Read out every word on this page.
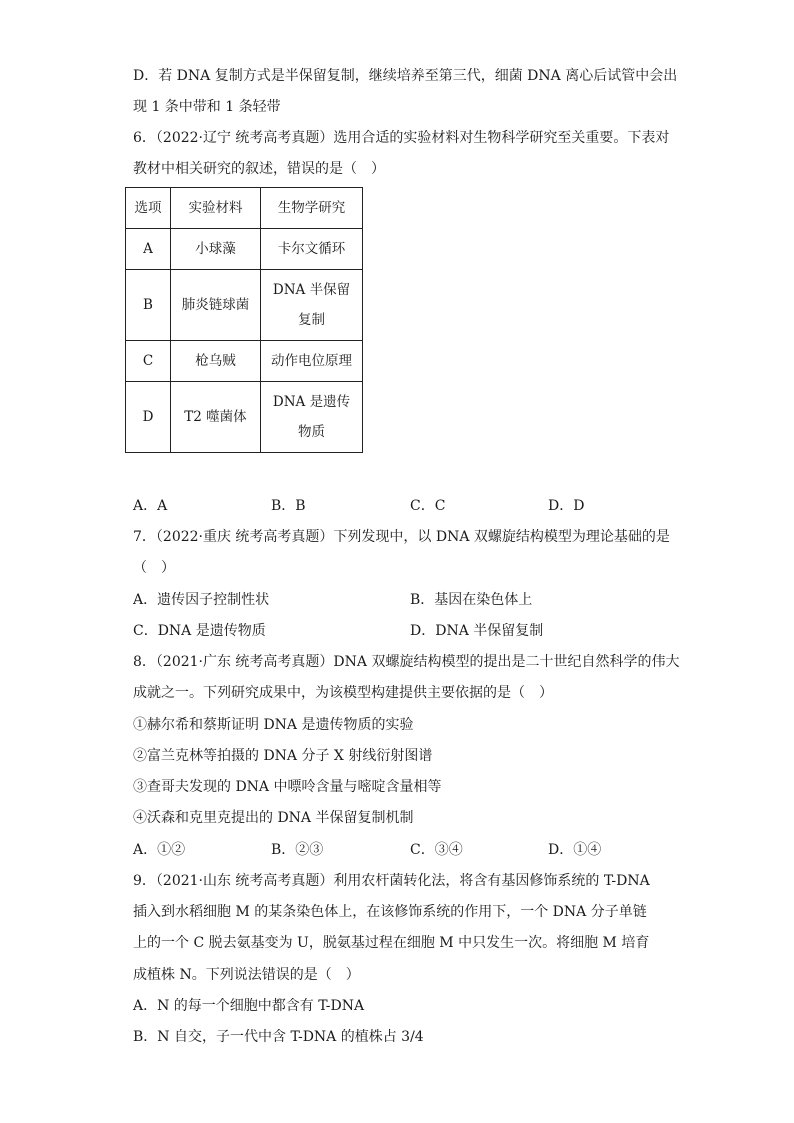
D．若 DNA 复制方式是半保留复制，继续培养至第三代，细菌 DNA 离心后试管中会出
现 1 条中带和 1 条轻带
6．（2022·辽宁 统考高考真题）选用合适的实验材料对生物科学研究至关重要。下表对
教材中相关研究的叙述，错误的是（　）
选项	实验材料	生物学研究
A	小球藻	卡尔文循环
B	肺炎链球菌	DNA 半保留
复制

C	枪乌贼	动作电位原理
D	T2 噬菌体	DNA 是遗传
物质
A．A	B．B	C．C	D．D
7．（2022·重庆 统考高考真题）下列发现中，以 DNA 双螺旋结构模型为理论基础的是
（　）
A．遗传因子控制性状	B．基因在染色体上
C．DNA 是遗传物质	D．DNA 半保留复制
8．（2021·广东 统考高考真题）DNA 双螺旋结构模型的提出是二十世纪自然科学的伟大
成就之一。下列研究成果中，为该模型构建提供主要依据的是（　）
①赫尔希和蔡斯证明 DNA 是遗传物质的实验
②富兰克林等拍摄的 DNA 分子 X 射线衍射图谱
③查哥夫发现的 DNA 中嘌呤含量与嘧啶含量相等
④沃森和克里克提出的 DNA 半保留复制机制
A．①②	B．②③	C．③④	D．①④
9．（2021·山东 统考高考真题）利用农杆菌转化法，将含有基因修饰系统的 T-DNA
插入到水稻细胞 M 的某条染色体上，在该修饰系统的作用下，一个 DNA 分子单链
上的一个 C 脱去氨基变为 U，脱氨基过程在细胞 M 中只发生一次。将细胞 M 培育
成植株 N。下列说法错误的是（　）
A．N 的每一个细胞中都含有 T-DNA
B．N 自交，子一代中含 T-DNA 的植株占 3/4
